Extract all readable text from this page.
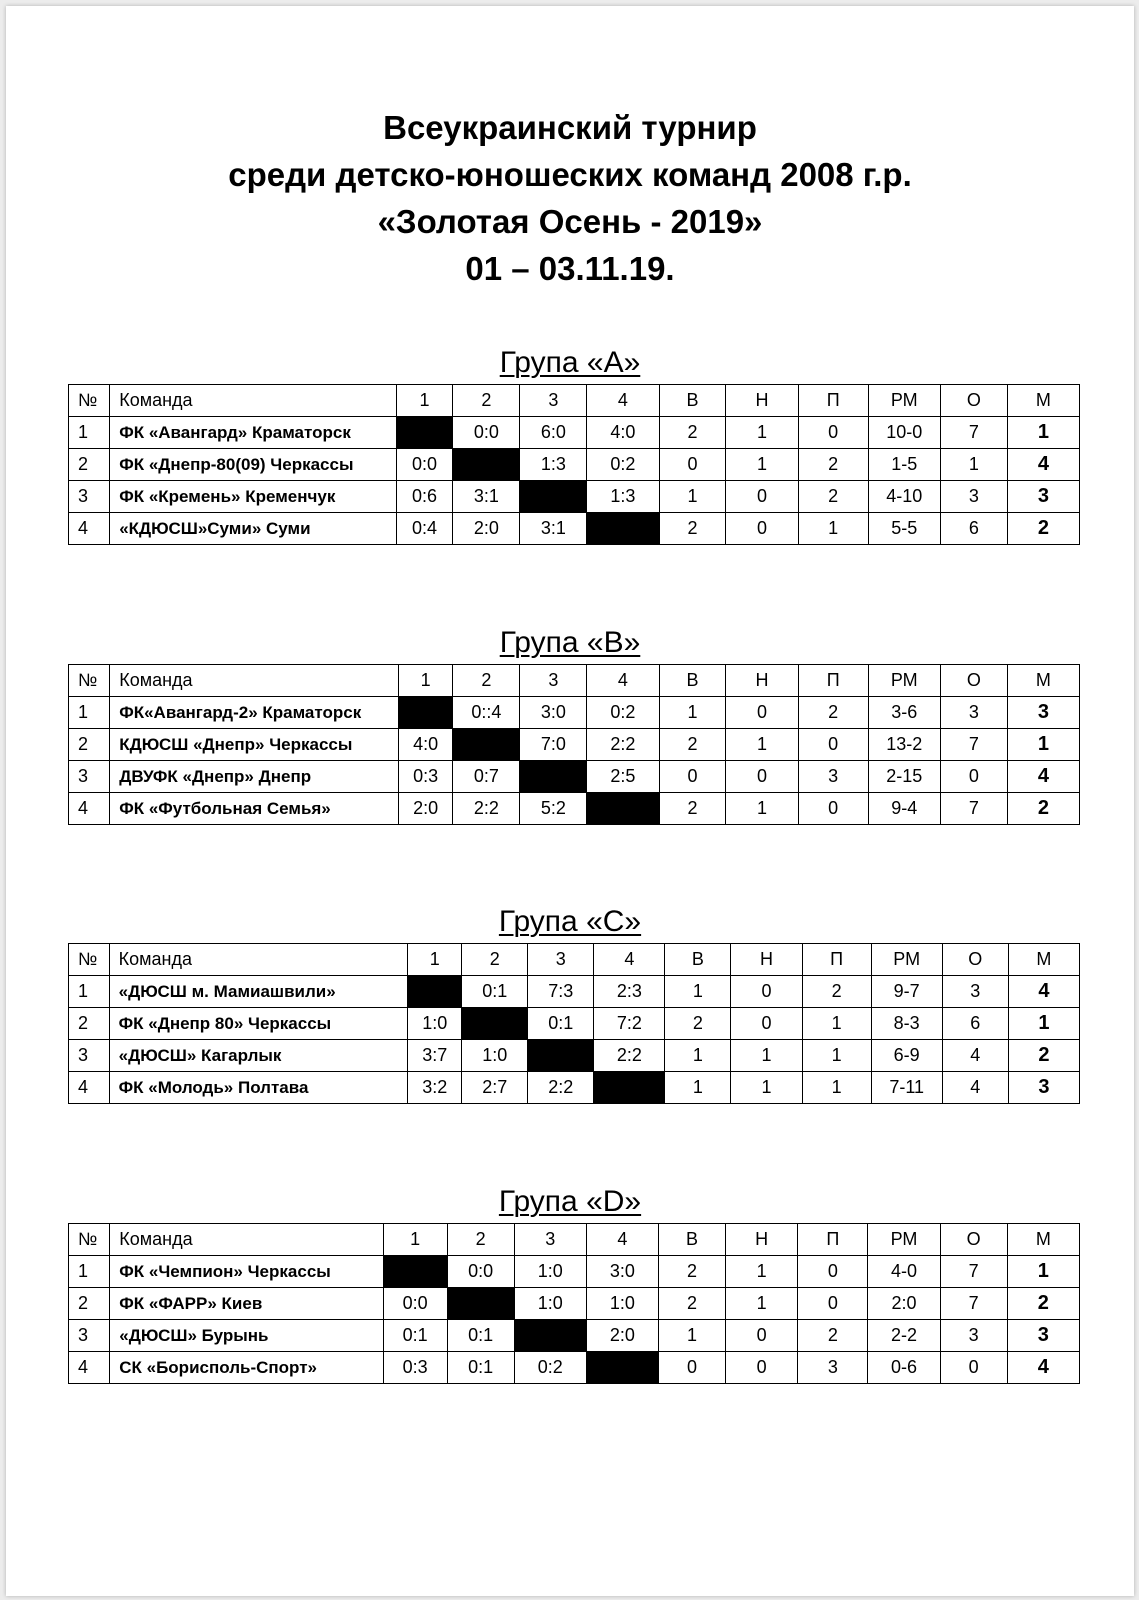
Всеукраинский турнир
среди детско-юношеских команд 2008 г.р.
«Золотая Осень - 2019»
01 – 03.11.19.
Група «А»
№	Команда	1	2	3	4	В	Н	П	РМ	О	М
1	ФК «Авангард» Краматорск		0:0	6:0	4:0	2	1	0	10-0	7	1
2	ФК «Днепр-80(09) Черкассы	0:0		1:3	0:2	0	1	2	1-5	1	4
3	ФК «Кремень» Кременчук	0:6	3:1		1:3	1	0	2	4-10	3	3
4	«КДЮСШ»Суми» Суми	0:4	2:0	3:1		2	0	1	5-5	6	2
Група «В»
№	Команда	1	2	3	4	В	Н	П	РМ	О	М
1	ФК«Авангард-2» Краматорск		0::4	3:0	0:2	1	0	2	3-6	3	3
2	КДЮСШ «Днепр» Черкассы	4:0		7:0	2:2	2	1	0	13-2	7	1
3	ДВУФК «Днепр» Днепр	0:3	0:7		2:5	0	0	3	2-15	0	4
4	ФК «Футбольная Семья»	2:0	2:2	5:2		2	1	0	9-4	7	2
Група «С»
№	Команда	1	2	3	4	В	Н	П	РМ	О	М
1	«ДЮСШ м. Мамиашвили»		0:1	7:3	2:3	1	0	2	9-7	3	4
2	ФК «Днепр 80» Черкассы	1:0		0:1	7:2	2	0	1	8-3	6	1
3	«ДЮСШ» Кагарлык	3:7	1:0		2:2	1	1	1	6-9	4	2
4	ФК «Молодь» Полтава	3:2	2:7	2:2		1	1	1	7-11	4	3
Група «D»
№	Команда	1	2	3	4	В	Н	П	РМ	О	М
1	ФК «Чемпион» Черкассы		0:0	1:0	3:0	2	1	0	4-0	7	1
2	ФК «ФАРР» Киев	0:0		1:0	1:0	2	1	0	2:0	7	2
3	«ДЮСШ» Бурынь	0:1	0:1		2:0	1	0	2	2-2	3	3
4	СК «Борисполь-Спорт»	0:3	0:1	0:2		0	0	3	0-6	0	4
